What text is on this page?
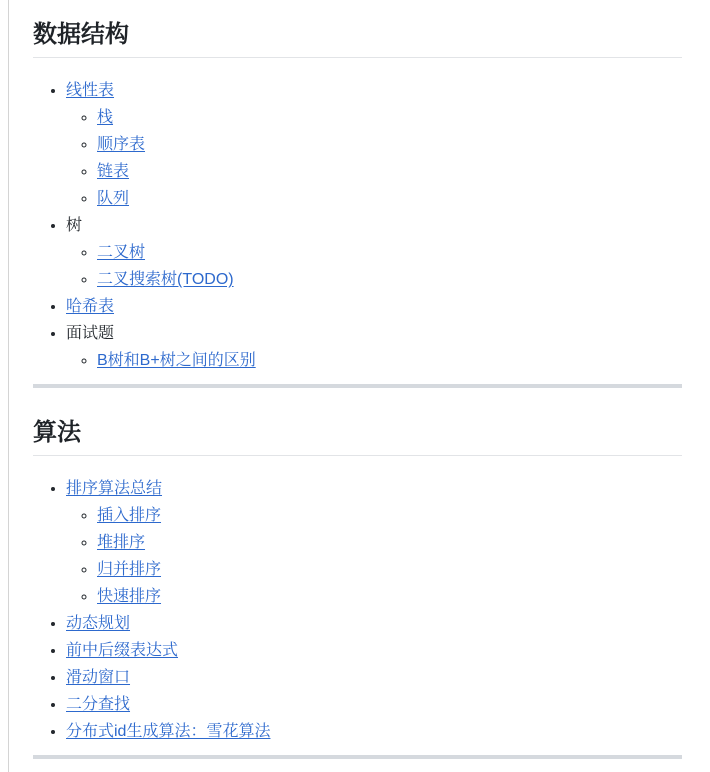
数据结构
• 线性表
◦ 栈
◦ 顺序表
◦ 链表
◦ 队列
• 树
◦ 二叉树
◦ 二叉搜索树(TODO)
• 哈希表
• 面试题
◦ B树和B+树之间的区别
算法
• 排序算法总结
◦ 插入排序
◦ 堆排序
◦ 归并排序
◦ 快速排序
• 动态规划
• 前中后缀表达式
• 滑动窗口
• 二分查找
• 分布式id生成算法：雪花算法
